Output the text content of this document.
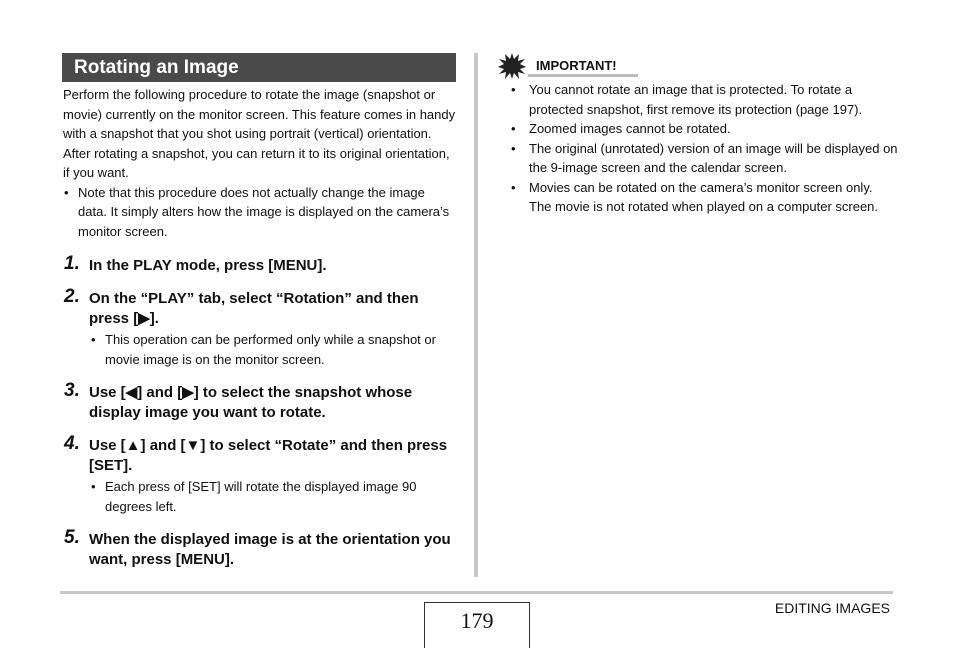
Rotating an Image
Perform the following procedure to rotate the image (snapshot or movie) currently on the monitor screen. This feature comes in handy with a snapshot that you shot using portrait (vertical) orientation. After rotating a snapshot, you can return it to its original orientation, if you want.
• Note that this procedure does not actually change the image data. It simply alters how the image is displayed on the camera’s monitor screen.
1. In the PLAY mode, press [MENU].
2. On the “PLAY” tab, select “Rotation” and then press [▶].
• This operation can be performed only while a snapshot or movie image is on the monitor screen.
3. Use [◀] and [▶] to select the snapshot whose display image you want to rotate.
4. Use [▲] and [▼] to select “Rotate” and then press [SET].
• Each press of [SET] will rotate the displayed image 90 degrees left.
5. When the displayed image is at the orientation you want, press [MENU].
IMPORTANT!
• You cannot rotate an image that is protected. To rotate a protected snapshot, first remove its protection (page 197).
• Zoomed images cannot be rotated.
• The original (unrotated) version of an image will be displayed on the 9-image screen and the calendar screen.
• Movies can be rotated on the camera’s monitor screen only. The movie is not rotated when played on a computer screen.
179	EDITING IMAGES
